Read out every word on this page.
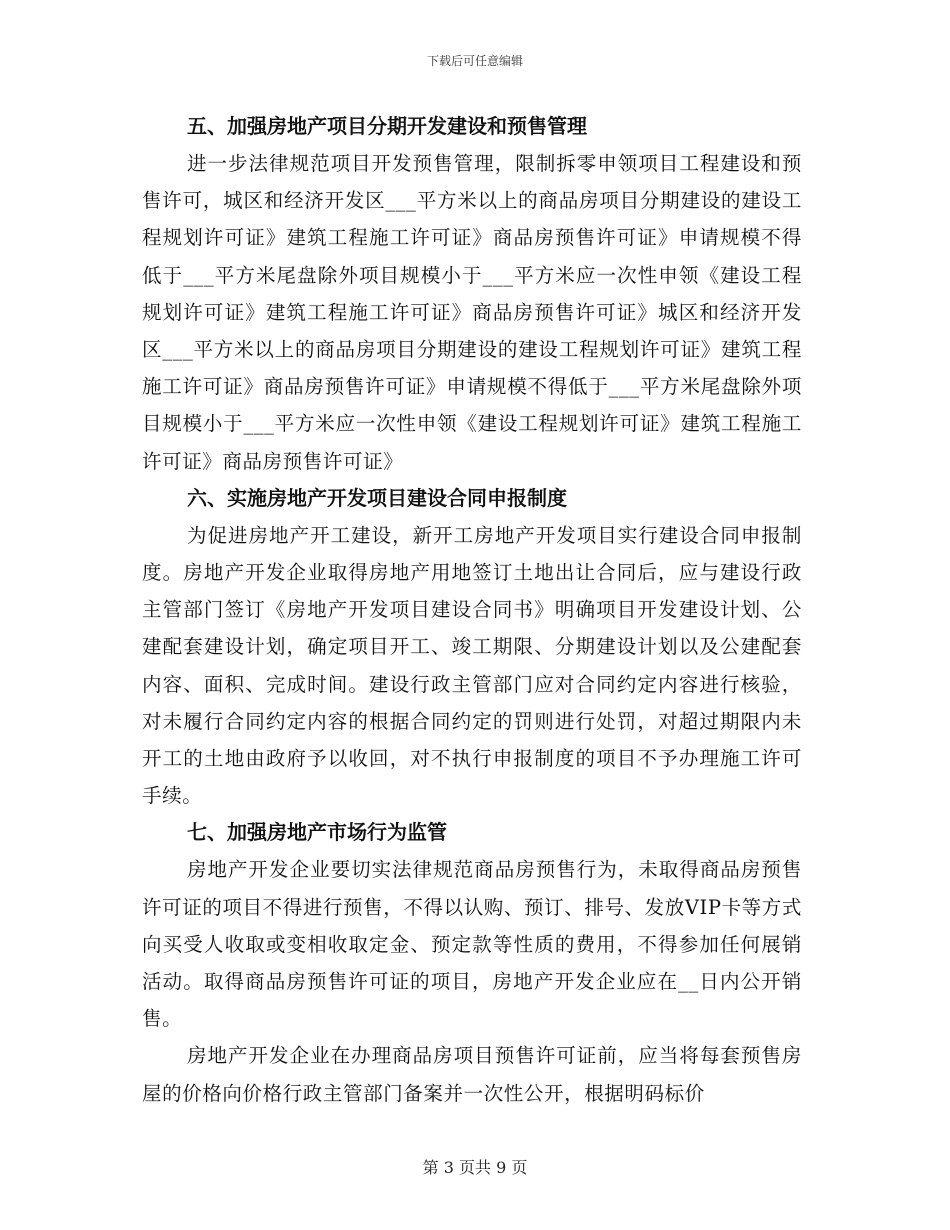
下载后可任意编辑
五、加强房地产项目分期开发建设和预售管理

进一步法律规范项目开发预售管理，限制拆零申领项目工程建设和预售许可，城区和经济开发区___平方米以上的商品房项目分期建设的建设工程规划许可证》建筑工程施工许可证》商品房预售许可证》申请规模不得低于___平方米尾盘除外项目规模小于___平方米应一次性申领《建设工程规划许可证》建筑工程施工许可证》商品房预售许可证》城区和经济开发区___平方米以上的商品房项目分期建设的建设工程规划许可证》建筑工程施工许可证》商品房预售许可证》申请规模不得低于___平方米尾盘除外项目规模小于___平方米应一次性申领《建设工程规划许可证》建筑工程施工许可证》商品房预售许可证》

六、实施房地产开发项目建设合同申报制度

为促进房地产开工建设，新开工房地产开发项目实行建设合同申报制度。房地产开发企业取得房地产用地签订土地出让合同后，应与建设行政主管部门签订《房地产开发项目建设合同书》明确项目开发建设计划、公建配套建设计划，确定项目开工、竣工期限、分期建设计划以及公建配套内容、面积、完成时间。建设行政主管部门应对合同约定内容进行核验，对未履行合同约定内容的根据合同约定的罚则进行处罚，对超过期限内未开工的土地由政府予以收回，对不执行申报制度的项目不予办理施工许可手续。

七、加强房地产市场行为监管

房地产开发企业要切实法律规范商品房预售行为，未取得商品房预售许可证的项目不得进行预售，不得以认购、预订、排号、发放VIP卡等方式向买受人收取或变相收取定金、预定款等性质的费用，不得参加任何展销活动。取得商品房预售许可证的项目，房地产开发企业应在__日内公开销售。

房地产开发企业在办理商品房项目预售许可证前，应当将每套预售房屋的价格向价格行政主管部门备案并一次性公开，根据明码标价

第 3 页共 9 页
